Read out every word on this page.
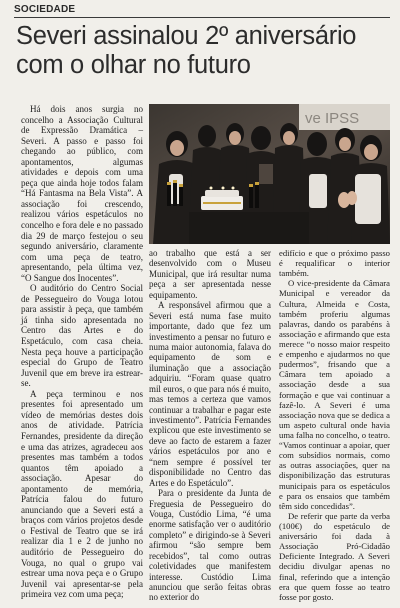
SOCIEDADE
Severi assinalou 2º aniversário com o olhar no futuro
ve IPSS

Há dois anos surgia no concelho a Associação Cultural de Expressão Dramática – Severi. A passo e passo foi chegando ao público, com apontamentos, algumas atividades e depois com uma peça que ainda hoje todos falam “Há Fantasma na Bela Vista”. A associação foi crescendo, realizou vários espetáculos no concelho e fora dele e no passado dia 29 de março festejou o seu segundo aniversário, claramente com uma peça de teatro, apresentando, pela última vez, “O Sangue dos Inocentes”.

O auditório do Centro Social de Pessegueiro do Vouga lotou para assistir à peça, que também já tinha sido apresentada no Centro das Artes e do Espetáculo, com casa cheia. Nesta peça houve a participação especial do Grupo de Teatro Juvenil que em breve ira estrear-se.

A peça terminou e nos presentes foi apresentado um vídeo de memórias destes dois anos de atividade. Patrícia Fernandes, presidente da direção e uma das atrizes, agradeceu aos presentes mas também a todos quantos têm apoiado a associação. Apesar do apontamento de memória, Patrícia falou do futuro anunciando que a Severi está a braços com vários projetos desde o Festival de Teatro que se irá realizar dia 1 e 2 de junho no auditório de Pessegueiro do Vouga, no qual o grupo vai estrear uma nova peça e o Grupo Juvenil vai apresentar-se pela primeira vez com uma peça;

ao trabalho que está a ser desenvolvido com o Museu Municipal, que irá resultar numa peça a ser apresentada nesse equipamento.

A responsável afirmou que a Severi está numa fase muito importante, dado que fez um investimento a pensar no futuro e numa maior autonomia, falava do equipamento de som e iluminação que a associação adquiriu. “Foram quase quatro mil euros, o que para nós é muito, mas temos a certeza que vamos continuar a trabalhar e pagar este investimento”. Patrícia Fernandes explicou que este investimento se deve ao facto de estarem a fazer vários espetáculos por ano e “nem sempre é possível ter disponibilidade no Centro das Artes e do Espetáculo”.

Para o presidente da Junta de Freguesia de Pessegueiro do Vouga, Custódio Lima, “é uma enorme satisfação ver o auditório completo” e dirigindo-se à Severi afirmou “são sempre bem recebidos”, tal como outras coletividades que manifestem interesse. Custódio Lima anunciou que serão feitas obras no exterior do

edifício e que o próximo passo é requalificar o interior também.

O vice-presidente da Câmara Municipal e vereador da Cultura, Almeida e Costa, também proferiu algumas palavras, dando os parabéns à associação e afirmando que esta merece “o nosso maior respeito e empenho e ajudarmos no que pudermos”, frisando que a Câmara tem apoiado a associação desde a sua formação e que vai continuar a fazê-lo. A Severi é uma associação nova que se dedica a um aspeto cultural onde havia uma falha no concelho, o teatro. “Vamos continuar a apoiar, quer com subsídios normais, como as outras associações, quer na disponibilização das estruturas municipais para os espetáculos e para os ensaios que também têm sido concedidas”.

De referir que parte da verba (100€) do espetáculo de aniversário foi dada à Associação Pró-Cidadão Deficiente Integrado. A Severi decidiu divulgar apenas no final, referindo que a intenção era que quem fosse ao teatro fosse por gosto.
